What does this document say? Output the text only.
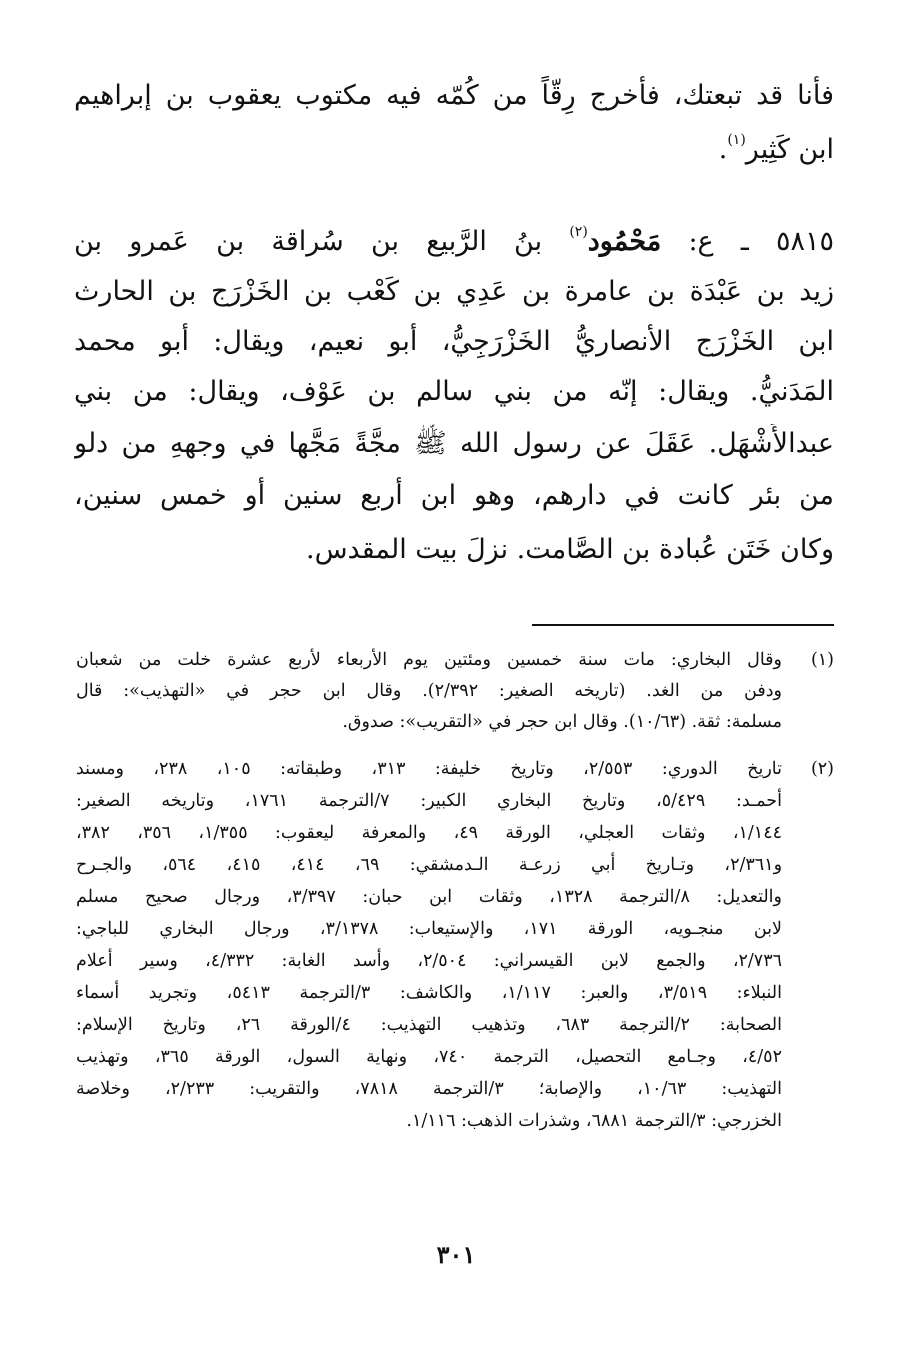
فأنا قد تبعتك، فأخرج رِقّاً من كُمّه فيه مكتوب يعقوب بن إبراهيم
ابن كَثِير$^{(١)}$.
٥٨١٥ ـ ع: مَحْمُود$^{(٢)}$ بنُ الرَّبيع بن سُراقة بن عَمرو بن
زيد بن عَبْدَة بن عامرة بن عَدِي بن كَعْب بن الخَزْرَج بن الحارث
ابن الخَزْرَج الأنصاريُّ الخَزْرَجِيُّ، أبو نعيم، ويقال: أبو محمد
المَدَنيُّ. ويقال: إنّه من بني سالم بن عَوْف، ويقال: من بني
عبدالأَشْهَل. عَقَلَ عن رسول الله ﷺ مجَّةً مَجَّها في وجههِ من دلو
من بئر كانت في دارهم، وهو ابن أربع سنين أو خمس سنين،
وكان خَتَن عُبادة بن الصَّامت. نزلَ بيت المقدس.
(١)
وقال البخاري: مات سنة خمسين ومئتين يوم الأربعاء لأربع عشرة خلت من شعبان
ودفن من الغد. (تاريخه الصغير: ٢/٣٩٢). وقال ابن حجر في «التهذيب»: قال
مسلمة: ثقة. (١٠/٦٣). وقال ابن حجر في «التقريب»: صدوق.
(٢)
تاريخ الدوري: ٢/٥٥٣، وتاريخ خليفة: ٣١٣، وطبقاته: ١٠٥، ٢٣٨، ومسند
أحمـد: ٥/٤٢٩، وتاريخ البخاري الكبير: ٧/الترجمة ١٧٦١، وتاريخه الصغير:
١/١٤٤، وثقات العجلي، الورقة ٤٩، والمعرفة ليعقوب: ١/٣٥٥، ٣٥٦، ٣٨٢،
و٢/٣٦١، وتـاريخ أبي زرعـة الـدمشقي: ٦٩، ٤١٤، ٤١٥، ٥٦٤، والجـرح
والتعديل: ٨/الترجمة ١٣٢٨، وثقات ابن حبان: ٣/٣٩٧، ورجال صحيح مسلم
لابن منجـويه، الورقة ١٧١، والإستيعاب: ٣/١٣٧٨، ورجال البخاري للباجي:
٢/٧٣٦، والجمع لابن القيسراني: ٢/٥٠٤، وأسد الغابة: ٤/٣٣٢، وسير أعلام
النبلاء: ٣/٥١٩، والعبر: ١/١١٧، والكاشف: ٣/الترجمة ٥٤١٣، وتجريد أسماء
الصحابة: ٢/الترجمة ٦٨٣، وتذهيب التهذيب: ٤/الورقة ٢٦، وتاريخ الإسلام:
٤/٥٢، وجـامع التحصيل، الترجمة ٧٤٠، ونهاية السول، الورقة ٣٦٥، وتهذيب
التهذيب: ١٠/٦٣، والإصابة؛ ٣/الترجمة ٧٨١٨، والتقريب: ٢/٢٣٣، وخلاصة
الخزرجي: ٣/الترجمة ٦٨٨١، وشذرات الذهب: ١/١١٦.
٣٠١
